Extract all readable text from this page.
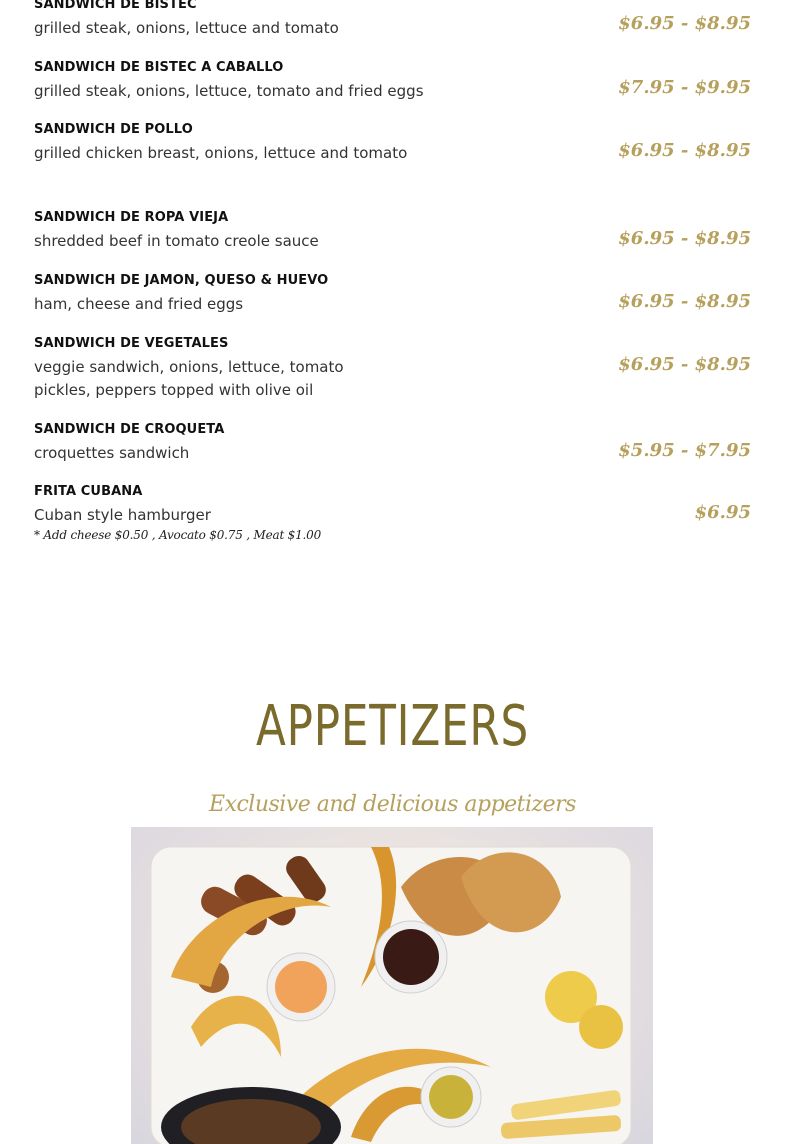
SANDWICH DE BISTEC
grilled steak, onions, lettuce and tomato	$6.95 - $8.95
SANDWICH DE BISTEC A CABALLO
grilled steak, onions, lettuce, tomato and fried eggs	$7.95 - $9.95
SANDWICH DE POLLO
grilled chicken breast, onions, lettuce and tomato	$6.95 - $8.95
SANDWICH DE ROPA VIEJA
shredded beef in tomato creole sauce	$6.95 - $8.95
SANDWICH DE JAMON, QUESO & HUEVO
ham, cheese and fried eggs	$6.95 - $8.95
SANDWICH DE VEGETALES
veggie sandwich, onions, lettuce, tomato
pickles, peppers topped with olive oil
$6.95 - $8.95
SANDWICH DE CROQUETA
croquettes sandwich	$5.95 - $7.95
FRITA CUBANA
Cuban style hamburger
* Add cheese $0.50 , Avocato $0.75 , Meat $1.00
$6.95
APPETIZERS
Exclusive and delicious appetizers
